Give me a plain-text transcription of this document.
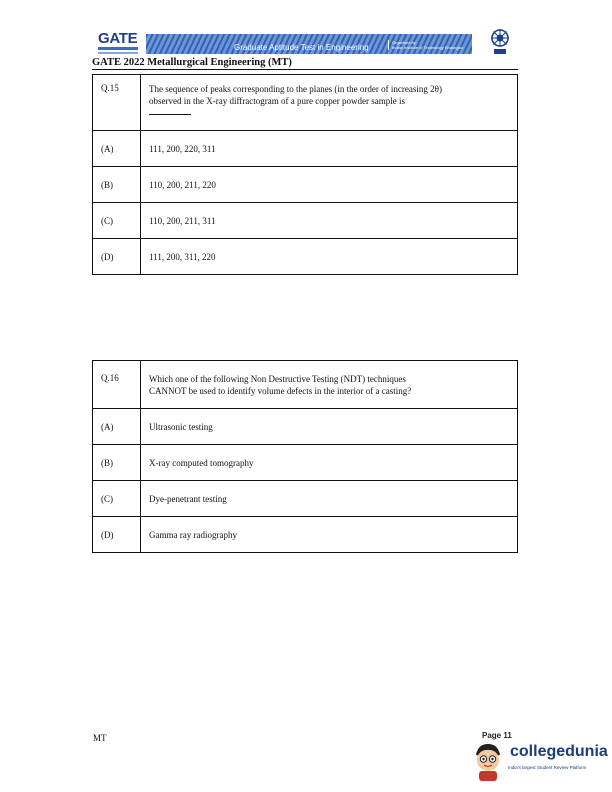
GATE
Graduate Aptitude Test in Engineering
Organised by
Indian Institute of Technology Kharagpur
GATE 2022 Metallurgical Engineering (MT)
Q.15	The sequence of peaks corresponding to the planes (in the order of increasing 2θ)
observed in the X-ray diffractogram of a pure copper powder sample is

(A)	111, 200, 220, 311
(B)	110, 200, 211, 220
(C)	110, 200, 211, 311
(D)	111, 200, 311, 220
Q.16	Which one of the following Non Destructive Testing (NDT) techniques
CANNOT be used to identify volume defects in the interior of a casting?

(A)	Ultrasonic testing
(B)	X-ray computed tomography
(C)	Dye-penetrant testing
(D)	Gamma ray radiography
MT	Page 11
collegedunia
India's largest Student Review Platform
